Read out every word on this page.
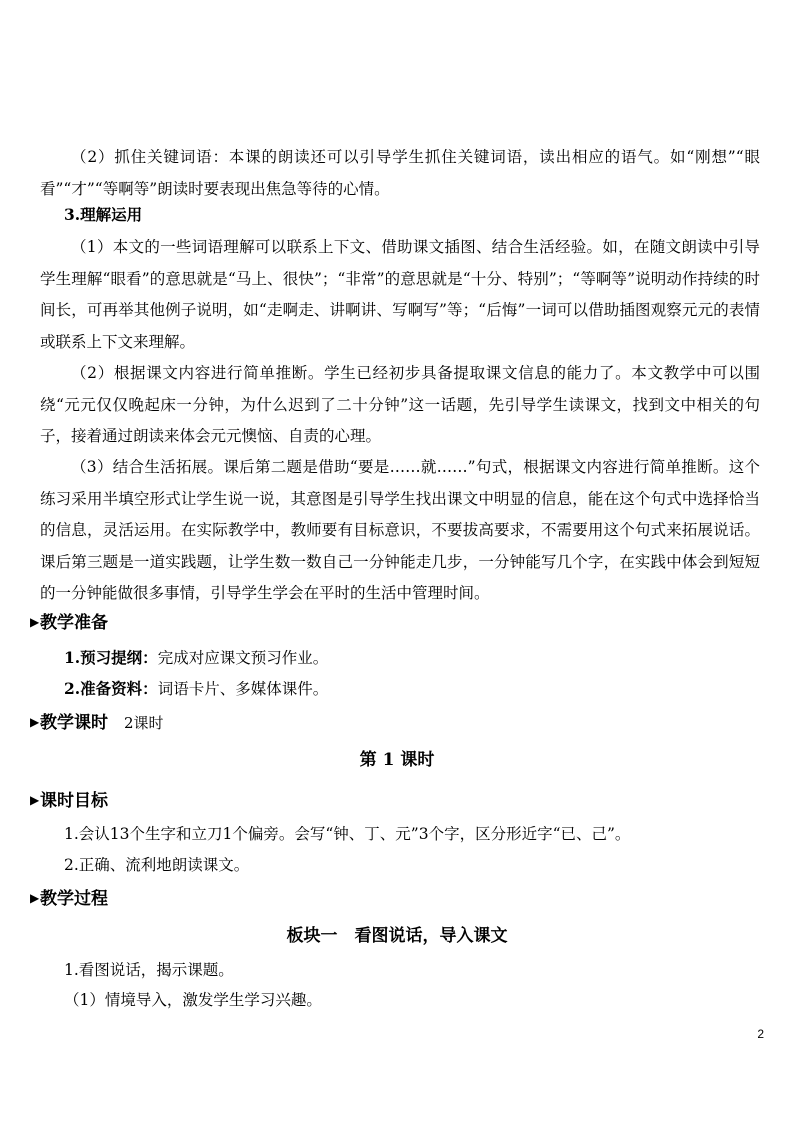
（2）抓住关键词语：本课的朗读还可以引导学生抓住关键词语，读出相应的语气。如“刚想”“眼看”“才”“等啊等”朗读时要表现出焦急等待的心情。

3.理解运用

（1）本文的一些词语理解可以联系上下文、借助课文插图、结合生活经验。如，在随文朗读中引导学生理解“眼看”的意思就是“马上、很快”；“非常”的意思就是“十分、特别”；“等啊等”说明动作持续的时间长，可再举其他例子说明，如“走啊走、讲啊讲、写啊写”等；“后悔”一词可以借助插图观察元元的表情或联系上下文来理解。

（2）根据课文内容进行简单推断。学生已经初步具备提取课文信息的能力了。本文教学中可以围绕“元元仅仅晚起床一分钟，为什么迟到了二十分钟”这一话题，先引导学生读课文，找到文中相关的句子，接着通过朗读来体会元元懊恼、自责的心理。

（3）结合生活拓展。课后第二题是借助“要是……就……”句式，根据课文内容进行简单推断。这个练习采用半填空形式让学生说一说，其意图是引导学生找出课文中明显的信息，能在这个句式中选择恰当的信息，灵活运用。在实际教学中，教师要有目标意识，不要拔高要求，不需要用这个句式来拓展说话。课后第三题是一道实践题，让学生数一数自己一分钟能走几步，一分钟能写几个字，在实践中体会到短短的一分钟能做很多事情，引导学生学会在平时的生活中管理时间。

▶教学准备
1.预习提纲：完成对应课文预习作业。
2.准备资料：词语卡片、多媒体课件。
▶教学课时 2课时
第 1 课时
▶课时目标
1.会认13个生字和立刀1个偏旁。会写“钟、丁、元”3个字，区分形近字“已、己”。
2.正确、流利地朗读课文。
▶教学过程
板块一　看图说话，导入课文
1.看图说话，揭示课题。
（1）情境导入，激发学生学习兴趣。
2
